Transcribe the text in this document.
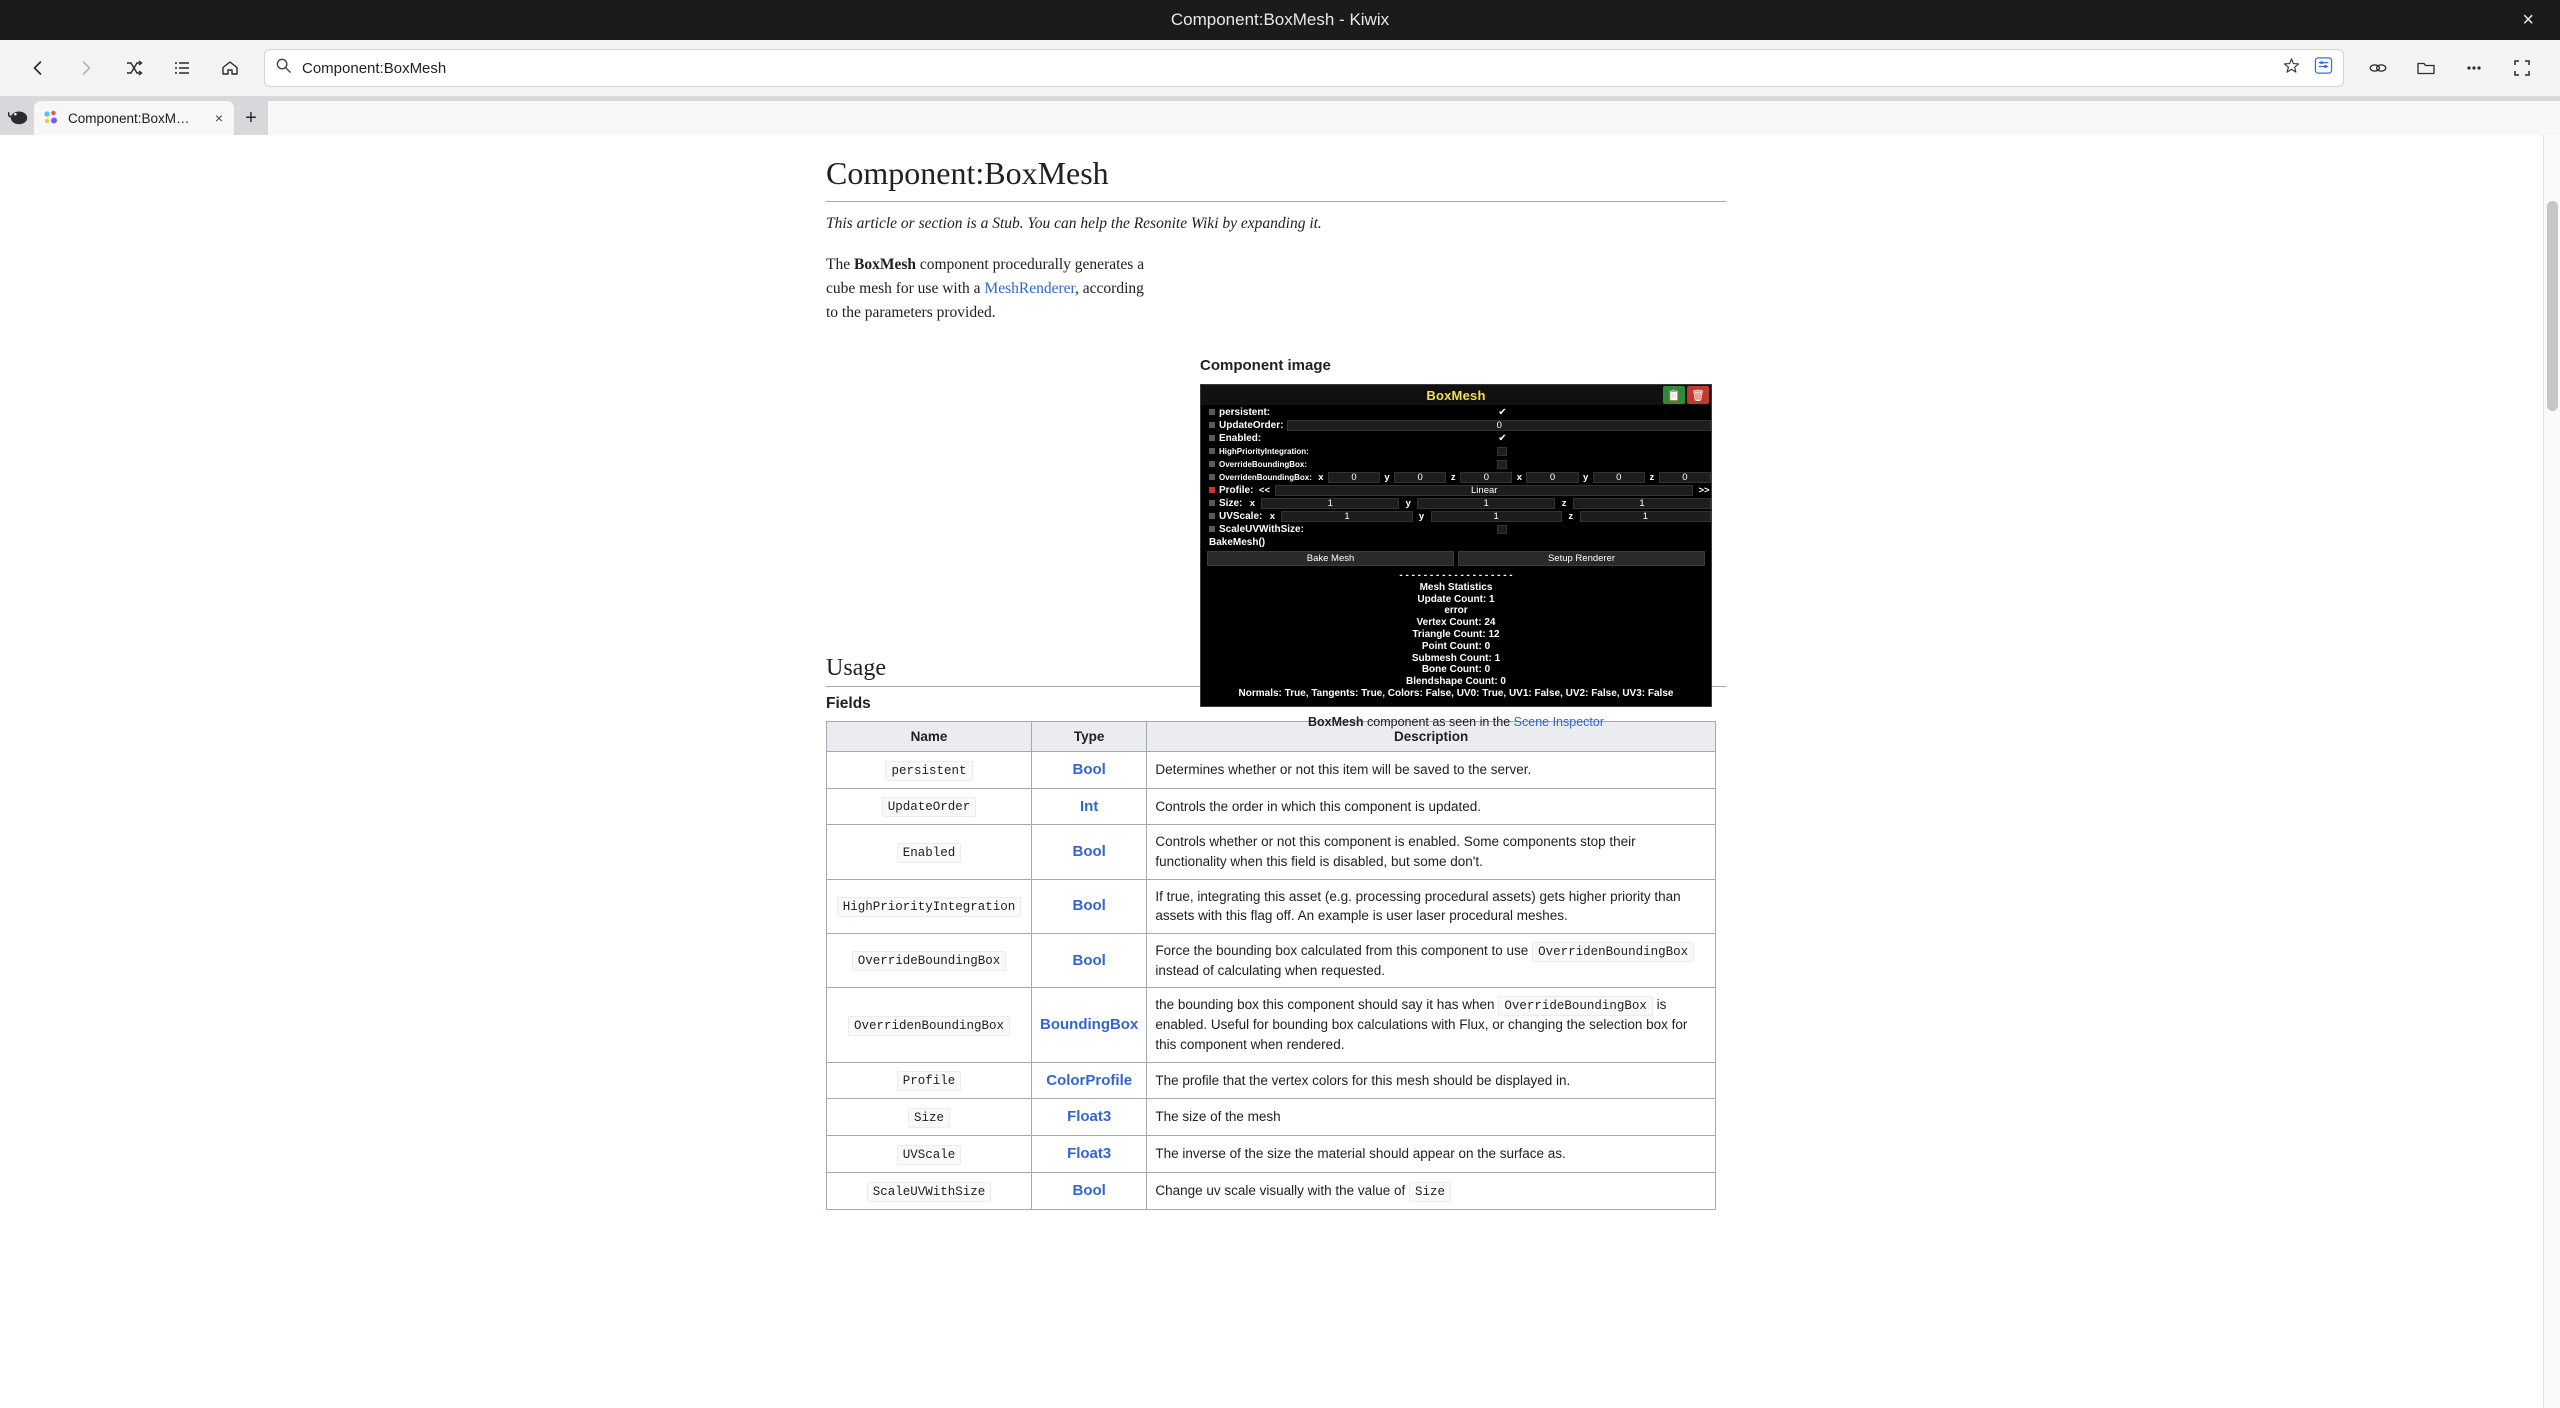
Component:BoxMesh - Kiwix	×
Component:BoxMesh
Component:BoxM…	×	+
Component:BoxMesh
This article or section is a Stub. You can help the Resonite Wiki by expanding it.

The BoxMesh component procedurally generates a cube mesh for use with a MeshRenderer, according to the parameters provided.

Usage
Fields
Name	Type	Description
persistent	Bool	Determines whether or not this item will be saved to the server.
UpdateOrder	Int	Controls the order in which this component is updated.
Enabled	Bool	Controls whether or not this component is enabled. Some components stop their functionality when this field is disabled, but some don't.
HighPriorityIntegration	Bool	If true, integrating this asset (e.g. processing procedural assets) gets higher priority than assets with this flag off. An example is user laser procedural meshes.
OverrideBoundingBox	Bool	Force the bounding box calculated from this component to use OverridenBoundingBox instead of calculating when requested.
OverridenBoundingBox	BoundingBox	the bounding box this component should say it has when OverrideBoundingBox is enabled. Useful for bounding box calculations with Flux, or changing the selection box for this component when rendered.
Profile	ColorProfile	The profile that the vertex colors for this mesh should be displayed in.
Size	Float3	The size of the mesh
UVScale	Float3	The inverse of the size the material should appear on the surface as.
ScaleUVWithSize	Bool	Change uv scale visually with the value of Size
Component image
BoxMesh	📋 🗑
persistent:	✔
UpdateOrder:	0
Enabled:	✔
HighPriorityIntegration:
OverrideBoundingBox:
OverridenBoundingBox: x	0	y	0	z	0	x	0	y	0	z	0
Profile: <<	Linear	>>
Size: x	1	y	1	z	1
UVScale: x	1	y	1	z	1
ScaleUVWithSize:
BakeMesh()
Bake Mesh	Setup Renderer
- - - - - - - - - - - - - - - - - - -
Mesh Statistics
Update Count: 1
error
Vertex Count: 24
Triangle Count: 12
Point Count: 0
Submesh Count: 1
Bone Count: 0
Blendshape Count: 0
Normals: True, Tangents: True, Colors: False, UV0: True, UV1: False, UV2: False, UV3: False
BoxMesh component as seen in the Scene Inspector
